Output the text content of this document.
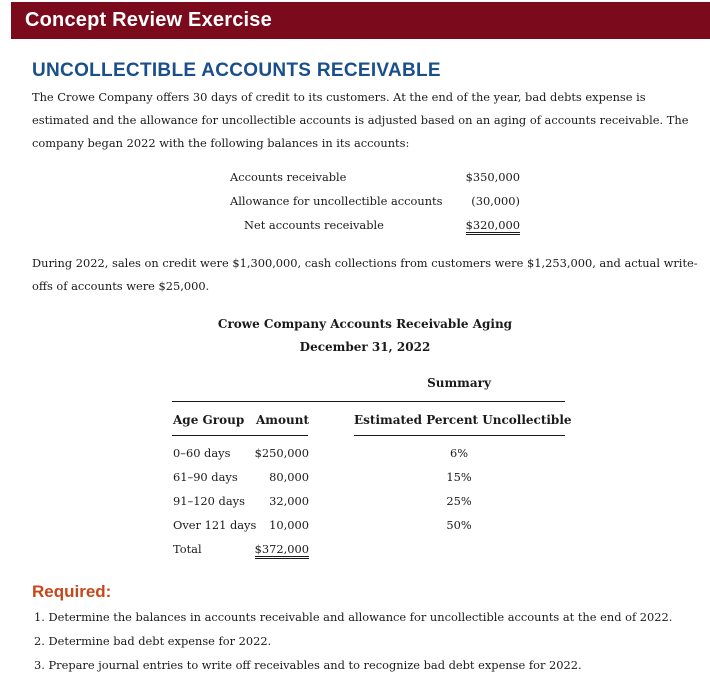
Concept Review Exercise
UNCOLLECTIBLE ACCOUNTS RECEIVABLE
The Crowe Company offers 30 days of credit to its customers. At the end of the year, bad debts expense is estimated and the allowance for uncollectible accounts is adjusted based on an aging of accounts receivable. The company began 2022 with the following balances in its accounts:
Accounts receivable	$350,000
Allowance for uncollectible accounts	(30,000)
Net accounts receivable	$320,000
During 2022, sales on credit were $1,300,000, cash collections from customers were $1,253,000, and actual write-offs of accounts were $25,000.
Crowe Company Accounts Receivable Aging
December 31, 2022
Summary
Age Group Amount	Estimated Percent Uncollectible
0–60 days	$250,000	6%
61–90 days	80,000	15%
91–120 days	32,000	25%
Over 121 days	10,000	50%
Total	$372,000
Required:
1. Determine the balances in accounts receivable and allowance for uncollectible accounts at the end of 2022.
2. Determine bad debt expense for 2022.
3. Prepare journal entries to write off receivables and to recognize bad debt expense for 2022.
